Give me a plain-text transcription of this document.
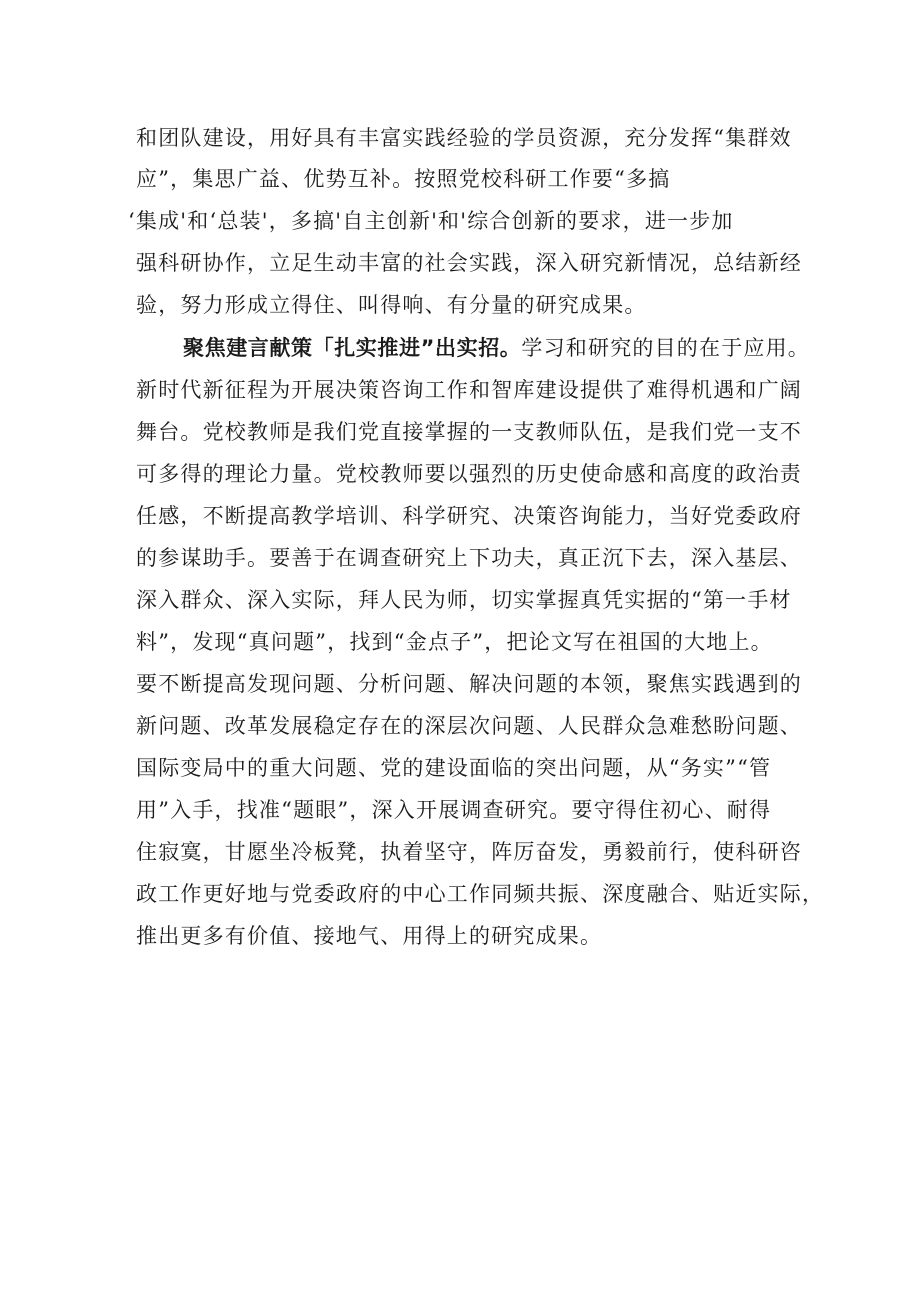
和团队建设，用好具有丰富实践经验的学员资源，充分发挥“集群效
应”，集思广益、优势互补。按照党校科研工作要“多搞
‘集成'和‘总装'，多搞'自主创新'和'综合创新的要求，进一步加
强科研协作，立足生动丰富的社会实践，深入研究新情况，总结新经
验，努力形成立得住、叫得响、有分量的研究成果。
聚焦建言献策「扎实推进”出实招。学习和研究的目的在于应用。
新时代新征程为开展决策咨询工作和智库建设提供了难得机遇和广阔
舞台。党校教师是我们党直接掌握的一支教师队伍，是我们党一支不
可多得的理论力量。党校教师要以强烈的历史使命感和高度的政治责
任感，不断提高教学培训、科学研究、决策咨询能力，当好党委政府
的参谋助手。要善于在调查研究上下功夫，真正沉下去，深入基层、
深入群众、深入实际，拜人民为师，切实掌握真凭实据的“第一手材
料”，发现“真问题”，找到“金点子”，把论文写在祖国的大地上。
要不断提高发现问题、分析问题、解决问题的本领，聚焦实践遇到的
新问题、改革发展稳定存在的深层次问题、人民群众急难愁盼问题、
国际变局中的重大问题、党的建设面临的突出问题，从“务实”“管
用”入手，找准“题眼”，深入开展调查研究。要守得住初心、耐得
住寂寞，甘愿坐冷板凳，执着坚守，阵厉奋发，勇毅前行，使科研咨
政工作更好地与党委政府的中心工作同频共振、深度融合、贴近实际，
推出更多有价值、接地气、用得上的研究成果。
